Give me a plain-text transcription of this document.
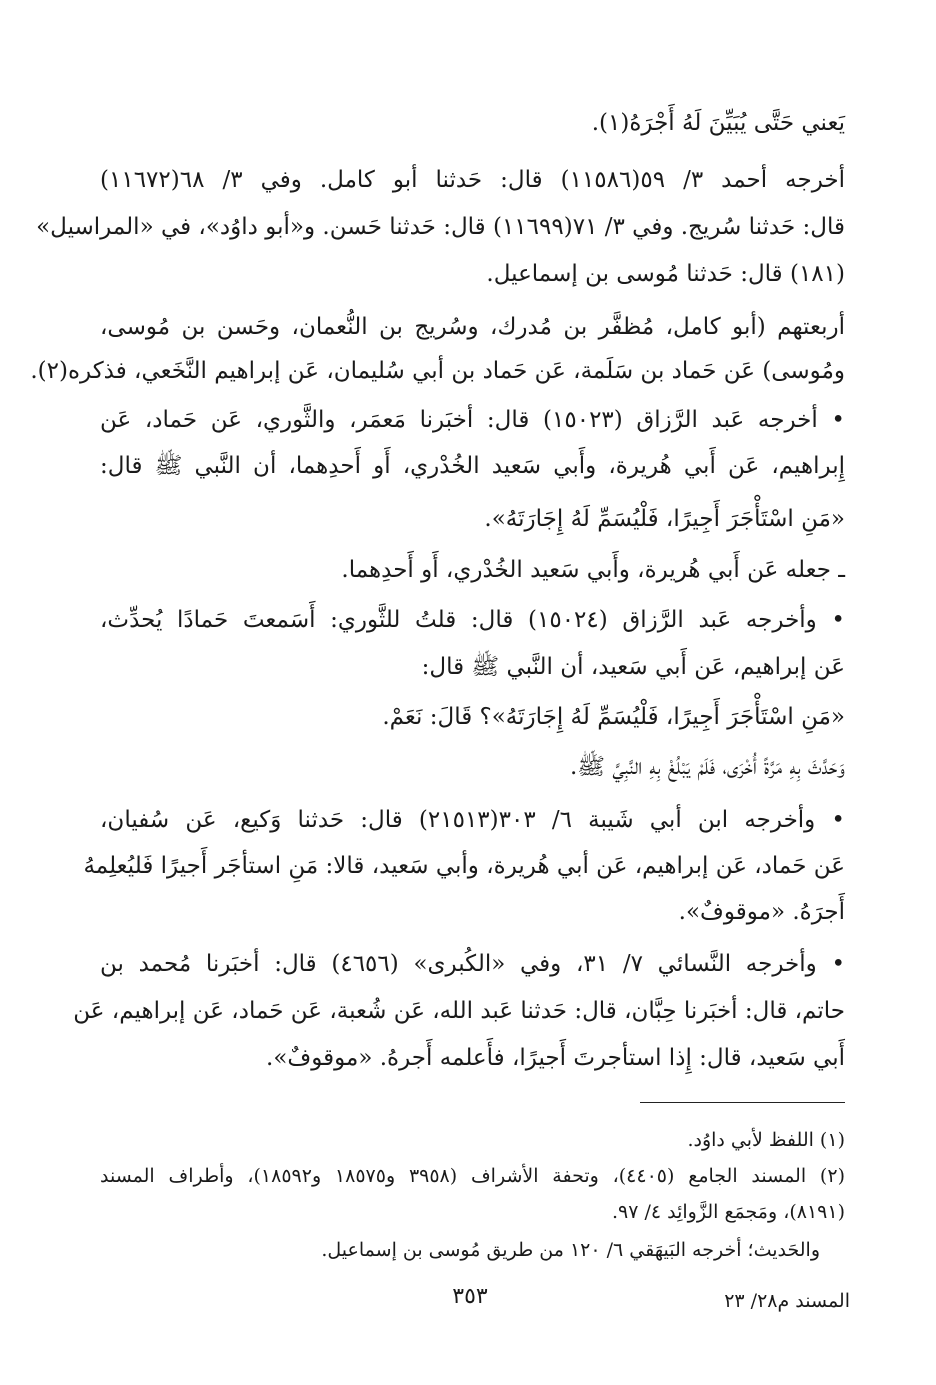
يَعني حَتَّى يُبَيِّنَ لَهُ أَجْرَهُ(١).
أخرجه أحمد ٣/ ٥٩(١١٥٨٦) قال: حَدثنا أبو كامل. وفي ٣/ ٦٨(١١٦٧٢)
قال: حَدثنا سُريج. وفي ٣/ ٧١(١١٦٩٩) قال: حَدثنا حَسن. و«أبو داوُد»، في «المراسيل»
(١٨١) قال: حَدثنا مُوسى بن إسماعيل.
أربعتهم (أبو كامل، مُظفَّر بن مُدرك، وسُريج بن النُّعمان، وحَسن بن مُوسى،
ومُوسى) عَن حَماد بن سَلَمة، عَن حَماد بن أبي سُليمان، عَن إبراهيم النَّخَعي، فذكره(٢).
• أخرجه عَبد الرَّزاق (١٥٠٢٣) قال: أخبَرنا مَعمَر، والثَّوري، عَن حَماد، عَن
إِبراهيم، عَن أَبي هُريرة، وأَبي سَعيد الخُدْري، أَو أَحدِهما، أن النَّبي ﷺ قال:
«مَنِ اسْتَأْجَرَ أَجِيرًا، فَلْيُسَمِّ لَهُ إِجَارَتَهُ».
ـ جعله عَن أَبي هُريرة، وأَبي سَعيد الخُدْري، أَو أَحدِهما.
• وأخرجه عَبد الرَّزاق (١٥٠٢٤) قال: قلتُ للثَّوري: أَسَمعتَ حَمادًا يُحدِّث،
عَن إبراهيم، عَن أَبي سَعيد، أن النَّبي ﷺ قال:
«مَنِ اسْتَأْجَرَ أَجِيرًا، فَلْيُسَمِّ لَهُ إِجَارَتَهُ»؟ قَالَ: نَعَمْ.
وَحَدَّثَ بِهِ مَرَّةً أُخْرَى، فَلَمْ يَبْلُغْ بِهِ النَّبِيَّ ﷺ.
• وأخرجه ابن أبي شَيبة ٦/ ٣٠٣(٢١٥١٣) قال: حَدثنا وَكيع، عَن سُفيان،
عَن حَماد، عَن إبراهيم، عَن أبي هُريرة، وأبي سَعيد، قالا: مَنِ استأجَر أَجيرًا فَليُعلِمهُ
أَجرَهُ. «موقوفٌ».
• وأخرجه النَّسائي ٧/ ٣١، وفي «الكُبرى» (٤٦٥٦) قال: أخبَرنا مُحمد بن
حاتم، قال: أخبَرنا حِبَّان، قال: حَدثنا عَبد الله، عَن شُعبة، عَن حَماد، عَن إبراهيم، عَن
أَبي سَعيد، قال: إِذا استأجرتَ أَجيرًا، فأَعلمه أَجرهُ. «موقوفٌ».
(١) اللفظ لأبي داوُد.
(٢) المسند الجامع (٤٤٠٥)، وتحفة الأشراف (٣٩٥٨ و١٨٥٧٥ و١٨٥٩٢)، وأطراف المسند
(٨١٩١)، ومَجمَع الزَّوائِد ٤/ ٩٧.
والحَديث؛ أخرجه البَيهَقي ٦/ ١٢٠ من طريق مُوسى بن إسماعيل.
٣٥٣	المسند م٢٨/ ٢٣
